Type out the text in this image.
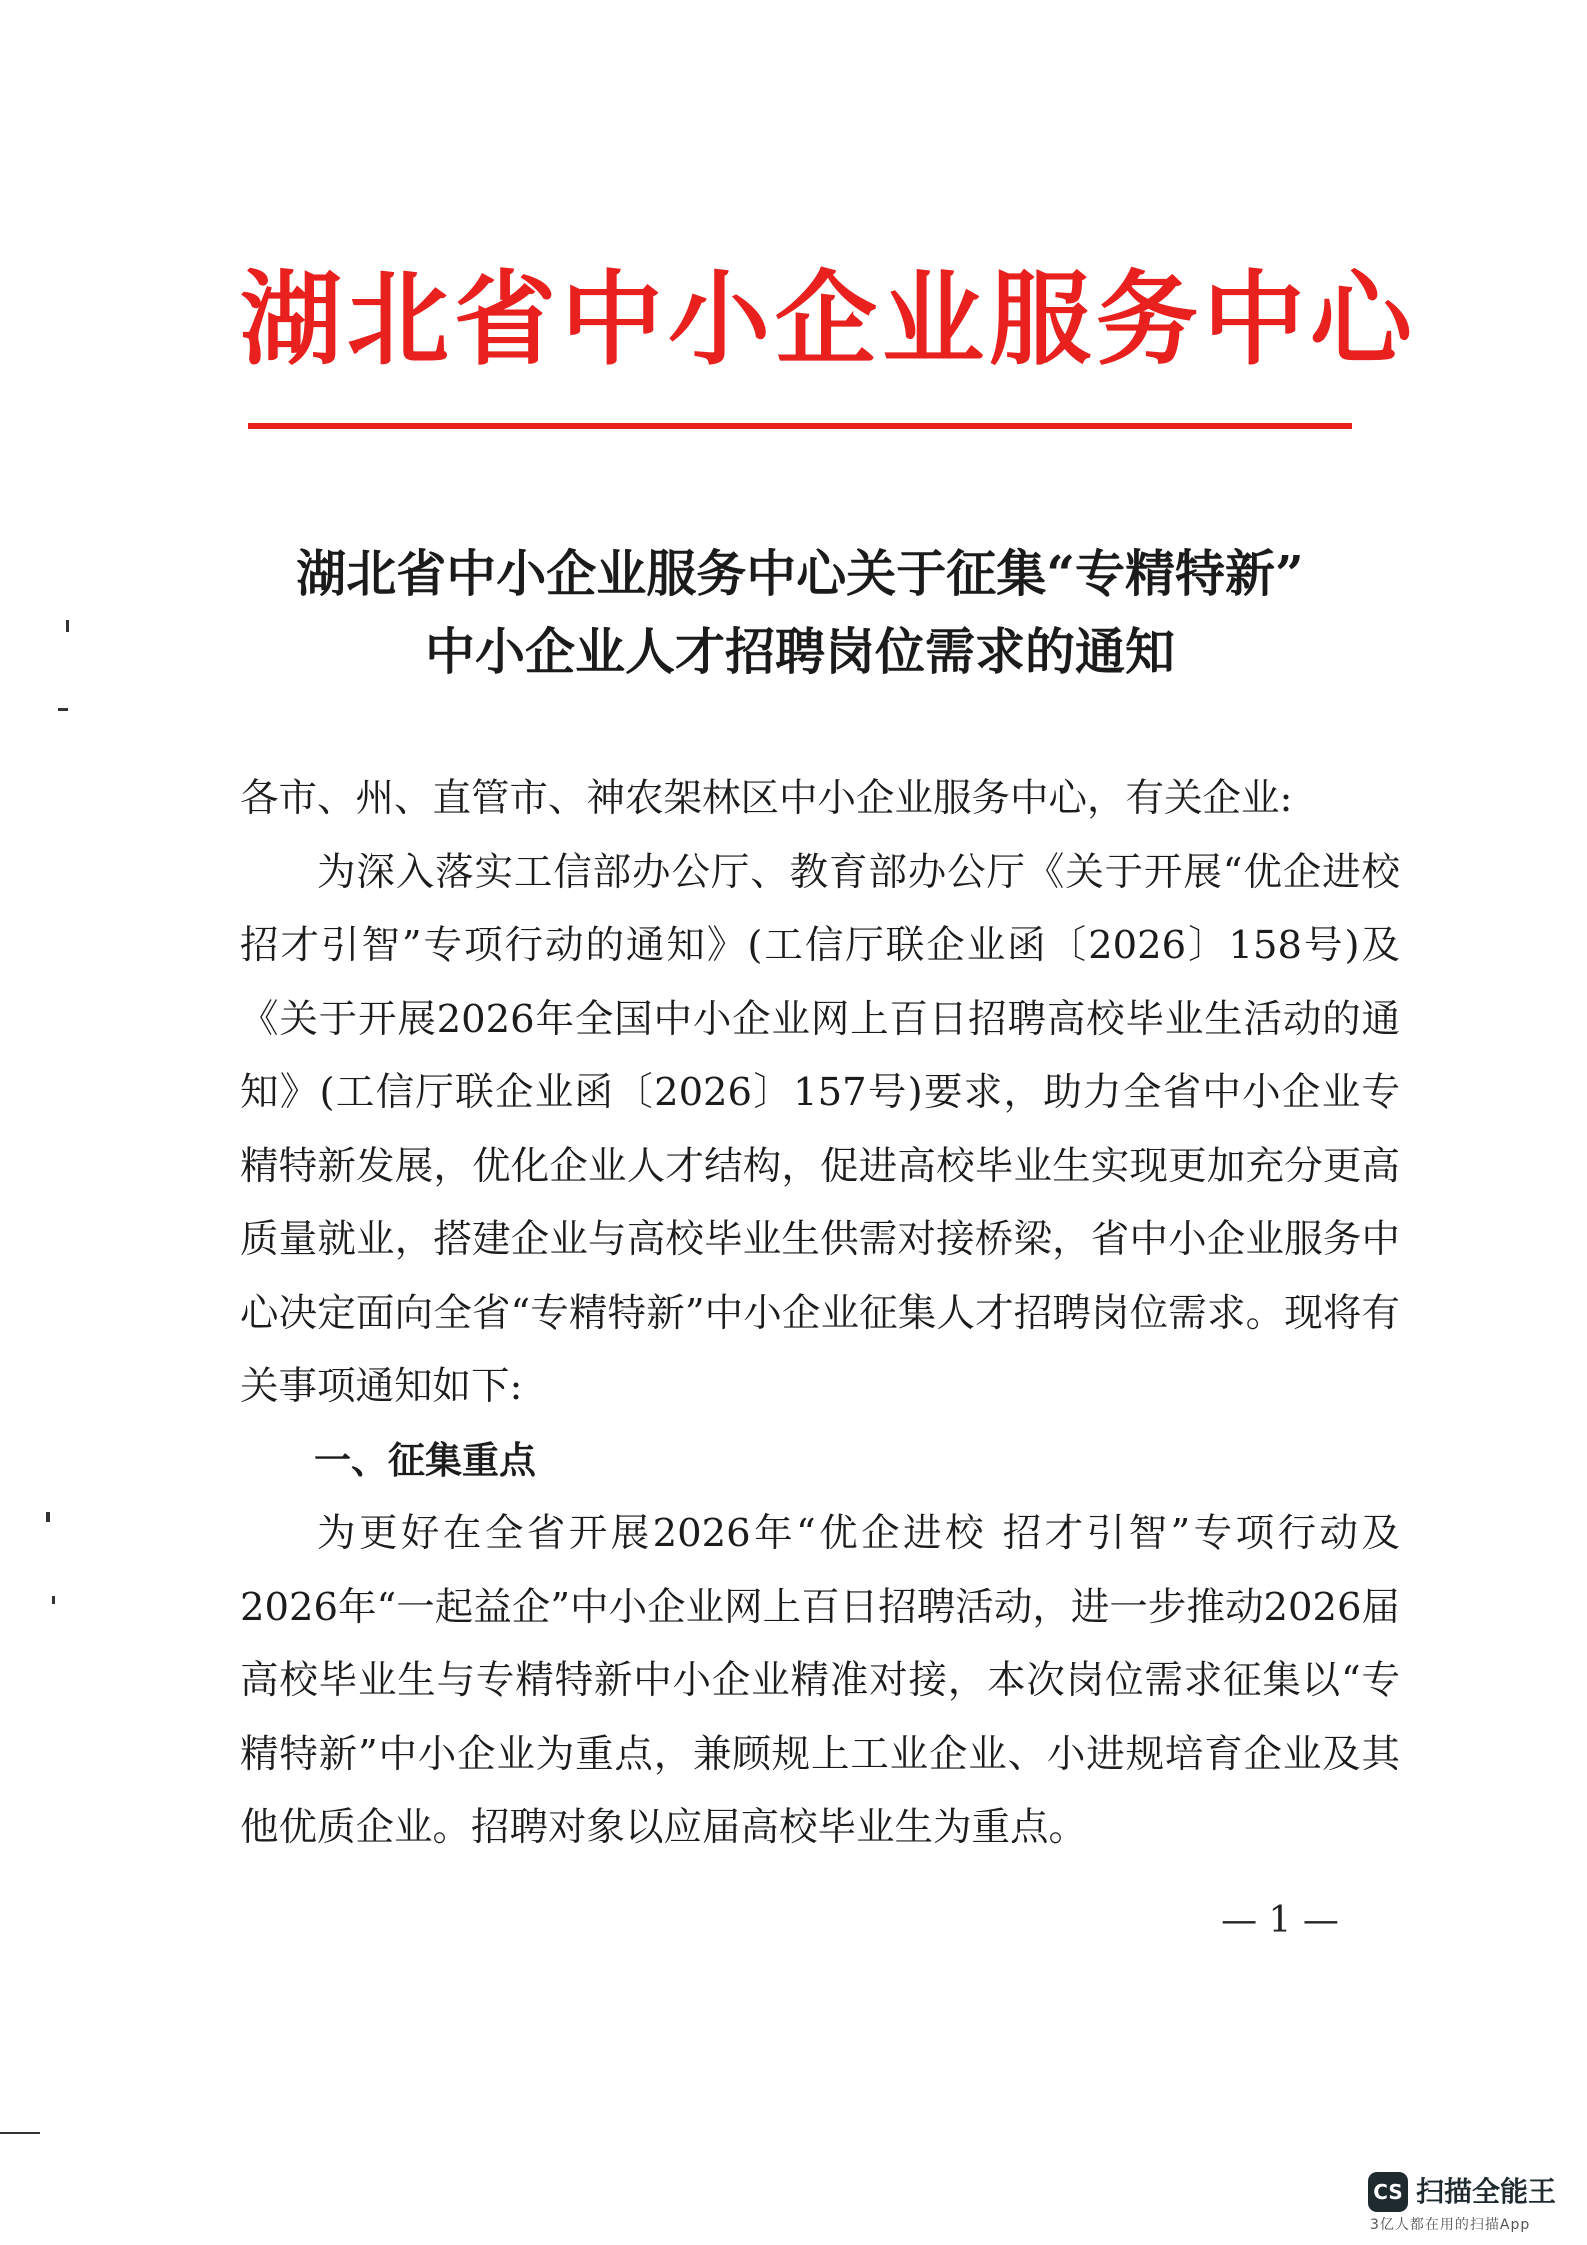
湖北省中小企业服务中心
湖北省中小企业服务中心关于征集“专精特新”
中小企业人才招聘岗位需求的通知

各市、州、直管市、神农架林区中小企业服务中心，有关企业:

为深入落实工信部办公厅、教育部办公厅《关于开展“优企进校 招才引智”专项行动的通知》(工信厅联企业函〔2026〕158号)及《关于开展2026年全国中小企业网上百日招聘高校毕业生活动的通知》(工信厅联企业函〔2026〕157号)要求，助力全省中小企业专精特新发展，优化企业人才结构，促进高校毕业生实现更加充分更高质量就业，搭建企业与高校毕业生供需对接桥梁，省中小企业服务中心决定面向全省“专精特新”中小企业征集人才招聘岗位需求。现将有关事项通知如下:

一、征集重点

为更好在全省开展2026年“优企进校 招才引智”专项行动及2026年“一起益企”中小企业网上百日招聘活动，进一步推动2026届高校毕业生与专精特新中小企业精准对接，本次岗位需求征集以“专精特新”中小企业为重点，兼顾规上工业企业、小进规培育企业及其他优质企业。招聘对象以应届高校毕业生为重点。

— 1 —
CS 扫描全能王
3亿人都在用的扫描App
